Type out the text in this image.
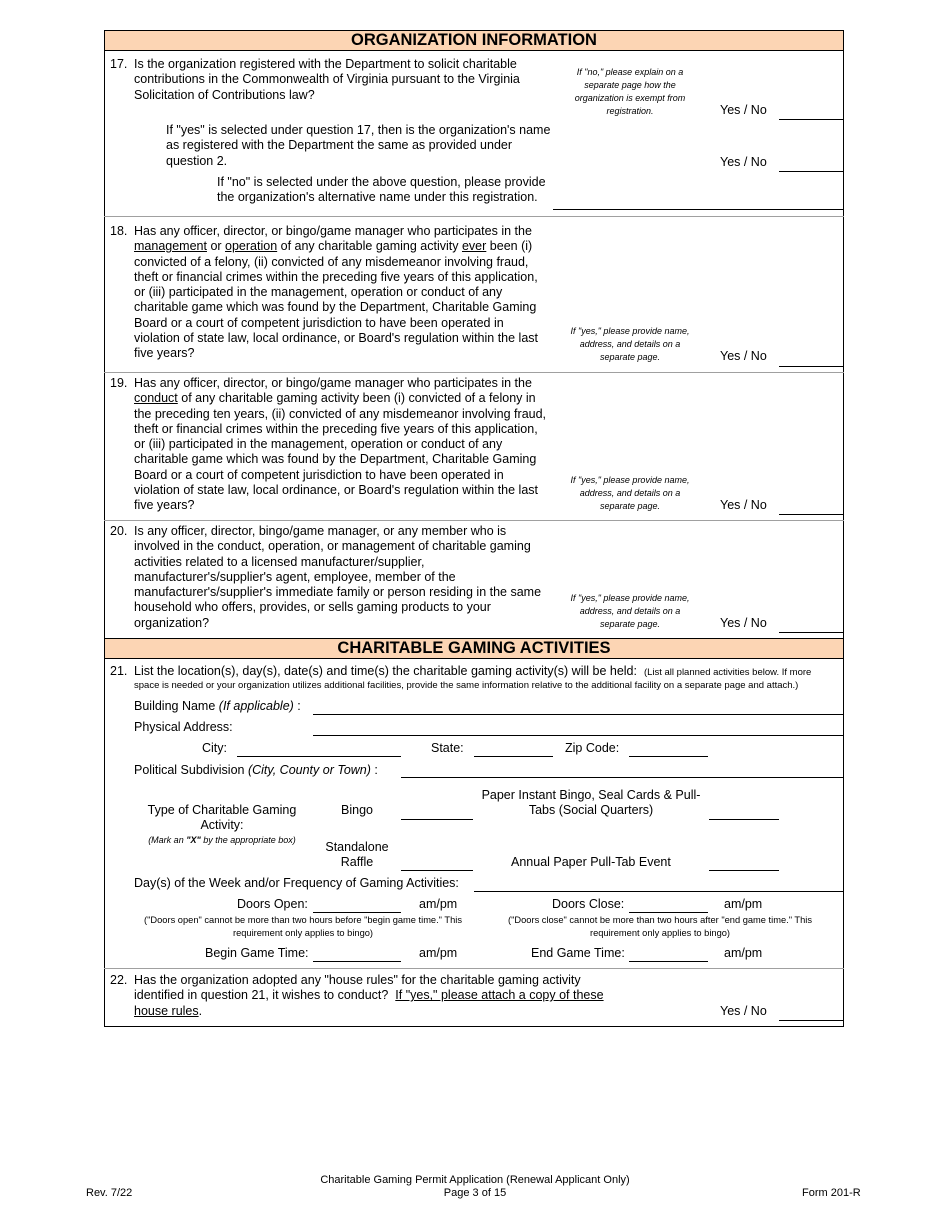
ORGANIZATION INFORMATION
17. Is the organization registered with the Department to solicit charitable
contributions in the Commonwealth of Virginia pursuant to the Virginia
Solicitation of Contributions law?
If "no," please explain on a
separate page how the
organization is exempt from
registration.	Yes / No
If "yes" is selected under question 17, then is the organization's name
as registered with the Department the same as provided under
question 2.	Yes / No
If "no" is selected under the above question, please provide
the organization's alternative name under this registration.
18. Has any officer, director, or bingo/game manager who participates in the
management or operation of any charitable gaming activity ever been (i)
convicted of a felony, (ii) convicted of any misdemeanor involving fraud,
theft or financial crimes within the preceding five years of this application,
or (iii) participated in the management, operation or conduct of any
charitable game which was found by the Department, Charitable Gaming
Board or a court of competent jurisdiction to have been operated in
violation of state law, local ordinance, or Board's regulation within the last
five years?
If "yes," please provide name,
address, and details on a
separate page.	Yes / No
19. Has any officer, director, or bingo/game manager who participates in the
conduct of any charitable gaming activity been (i) convicted of a felony in
the preceding ten years, (ii) convicted of any misdemeanor involving fraud,
theft or financial crimes within the preceding five years of this application,
or (iii) participated in the management, operation or conduct of any
charitable game which was found by the Department, Charitable Gaming
Board or a court of competent jurisdiction to have been operated in
violation of state law, local ordinance, or Board's regulation within the last
five years?
If "yes," please provide name,
address, and details on a
separate page.	Yes / No
20. Is any officer, director, bingo/game manager, or any member who is
involved in the conduct, operation, or management of charitable gaming
activities related to a licensed manufacturer/supplier,
manufacturer's/supplier's agent, employee, member of the
manufacturer's/supplier's immediate family or person residing in the same
household who offers, provides, or sells gaming products to your
organization?
If "yes," please provide name,
address, and details on a
separate page.	Yes / No
CHARITABLE GAMING ACTIVITIES
21. List the location(s), day(s), date(s) and time(s) the charitable gaming activity(s) will be held: (List all planned activities below. If more
space is needed or your organization utilizes additional facilities, provide the same information relative to the additional facility on a separate page and attach.)
Building Name (If applicable) :
Physical Address:
City:	State:	Zip Code:
Political Subdivision (City, County or Town) :
Type of Charitable Gaming
Activity:
(Mark an "X" by the appropriate box)
Bingo
Paper Instant Bingo, Seal Cards & Pull-
Tabs (Social Quarters)
Standalone
Raffle	Annual Paper Pull-Tab Event
Day(s) of the Week and/or Frequency of Gaming Activities:
Doors Open:	am/pm	Doors Close:	am/pm
("Doors open" cannot be more than two hours before "begin game time." This
requirement only applies to bingo)
("Doors close" cannot be more than two hours after "end game time." This
requirement only applies to bingo)
Begin Game Time:	am/pm	End Game Time:	am/pm
22. Has the organization adopted any "house rules" for the charitable gaming activity
identified in question 21, it wishes to conduct?  If "yes," please attach a copy of these
house rules.	Yes / No
Rev. 7/22
Charitable Gaming Permit Application (Renewal Applicant Only)
Page 3 of 15	Form 201-R
